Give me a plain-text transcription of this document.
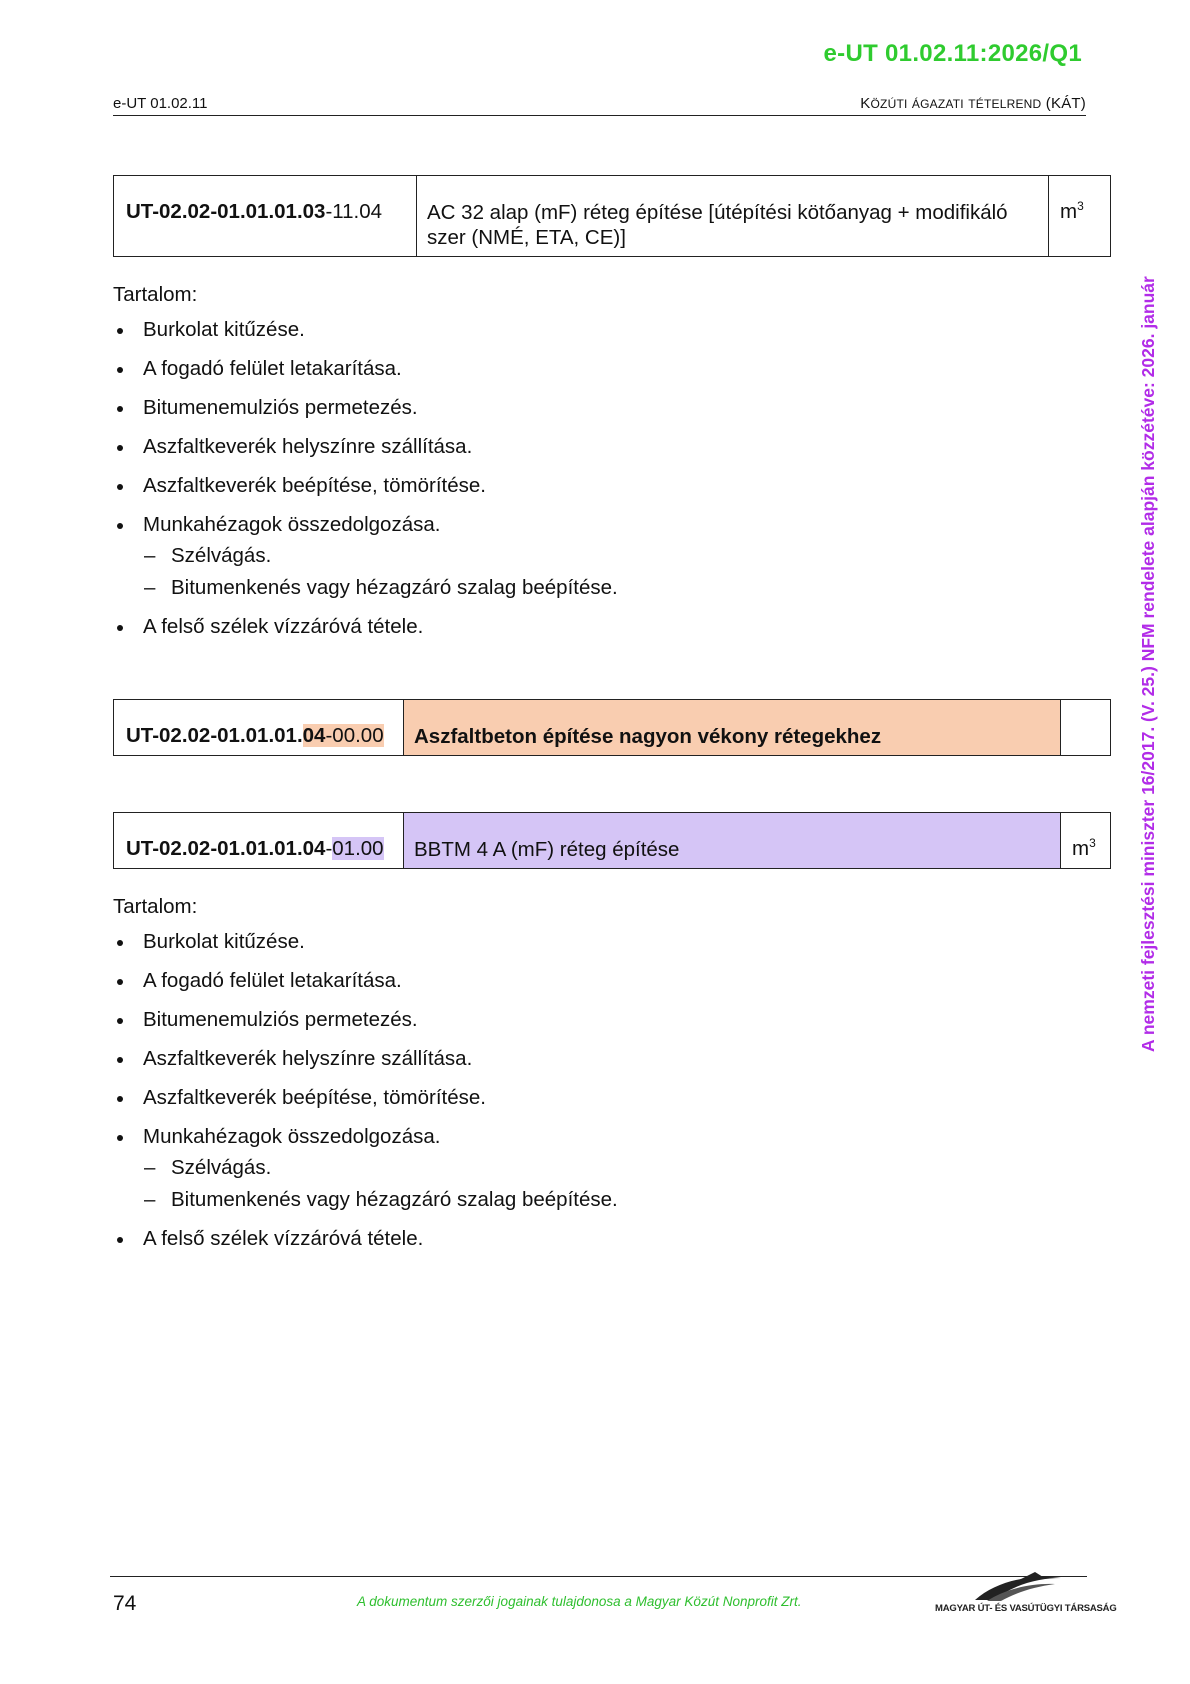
e-UT 01.02.11:2026/Q1
e-UT 01.02.11	KÖZÚTI ÁGAZATI TÉTELREND (KÁT)
A nemzeti fejlesztési miniszter 16/2017. (V. 25.) NFM rendelete alapján közzétéve: 2026. január
UT-02.02-01.01.01.03-11.04	AC 32 alap (mF) réteg építése [útépítési kötőanyag + modifikáló szer (NMÉ, ETA, CE)]	$m^3$
Tartalom:
Burkolat kitűzése.
A fogadó felület letakarítása.
Bitumenemulziós permetezés.
Aszfaltkeverék helyszínre szállítása.
Aszfaltkeverék beépítése, tömörítése.
Munkahézagok összedolgozása.
– Szélvágás.
– Bitumenkenés vagy hézagzáró szalag beépítése.
A felső szélek vízzáróvá tétele.
UT-02.02-01.01.01.04-00.00	Aszfaltbeton építése nagyon vékony rétegekhez	
UT-02.02-01.01.01.04-01.00	BBTM 4 A (mF) réteg építése	$m^3$
Tartalom:
Burkolat kitűzése.
A fogadó felület letakarítása.
Bitumenemulziós permetezés.
Aszfaltkeverék helyszínre szállítása.
Aszfaltkeverék beépítése, tömörítése.
Munkahézagok összedolgozása.
– Szélvágás.
– Bitumenkenés vagy hézagzáró szalag beépítése.
A felső szélek vízzáróvá tétele.
74	A dokumentum szerzői jogainak tulajdonosa a Magyar Közút Nonprofit Zrt.	MAGYAR ÚT- ÉS VASÚTÜGYI TÁRSASÁG
